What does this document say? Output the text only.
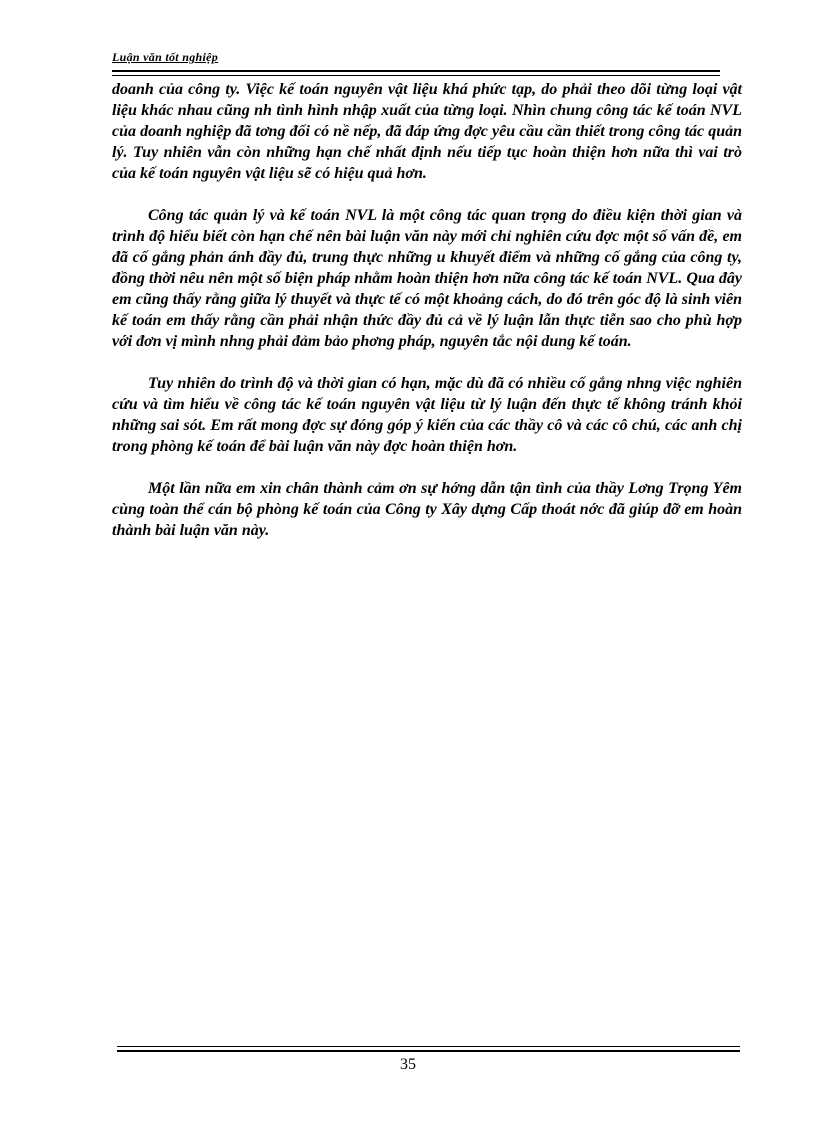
Luận văn tốt nghiệp

doanh của công ty. Việc kế toán nguyên vật liệu khá phức tạp, do phải theo dõi từng loại vật liệu khác nhau cũng nh tình hình nhập xuất của từng loại. Nhìn chung công tác kế toán NVL của doanh nghiệp đã tơng đối có nề nếp, đã đáp ứng đợc yêu cầu cần thiết trong công tác quản lý. Tuy nhiên vẫn còn những hạn chế nhất định nếu tiếp tục hoàn thiện hơn nữa thì vai trò của kế toán nguyên vật liệu sẽ có hiệu quả hơn.

Công tác quản lý và kế toán NVL là một công tác quan trọng do điều kiện thời gian và trình độ hiểu biết còn hạn chế nên bài luận văn này mới chỉ nghiên cứu đợc một số vấn đề, em đã cố gắng phản ánh đầy đủ, trung thực những u khuyết điểm và những cố gắng của công ty, đồng thời nêu nên một số biện pháp nhằm hoàn thiện hơn nữa công tác kế toán NVL. Qua đây em cũng thấy rằng giữa lý thuyết và thực tế có một khoảng cách, do đó trên góc độ là sinh viên kế toán em thấy rằng cần phải nhận thức đầy đủ cả về lý luận lẫn thực tiễn sao cho phù hợp với đơn vị mình nhng phải đảm bảo phơng pháp, nguyên tắc nội dung kế toán.

Tuy nhiên do trình độ và thời gian có hạn, mặc dù đã có nhiều cố gắng nhng việc nghiên cứu và tìm hiểu về công tác kế toán nguyên vật liệu từ lý luận đến thực tế không tránh khỏi những sai sót. Em rất mong đợc sự đóng góp ý kiến của các thầy cô và các cô chú, các anh chị trong phòng kế toán để bài luận văn này đợc hoàn thiện hơn.

Một lần nữa em xin chân thành cảm ơn sự hớng dẫn tận tình của thầy Lơng Trọng Yêm cùng toàn thể cán bộ phòng kế toán của Công ty Xây dựng Cấp thoát nớc đã giúp đỡ em hoàn thành bài luận văn này.

35
